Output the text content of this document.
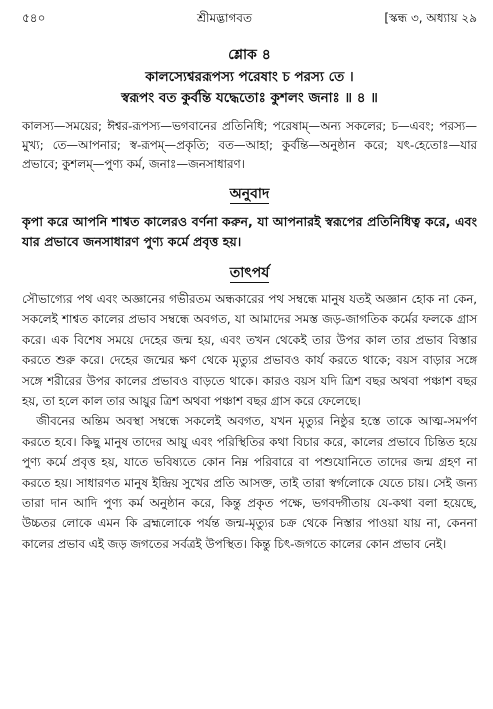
৫৪০	শ্রীমদ্ভাগবত	[স্কন্ধ ৩, অধ্যায় ২৯
শ্লোক ৪
কালস্যেশ্বররূপস্য পরেষাং চ পরস্য তে ।
স্বরূপং বত কুর্বন্তি যদ্ধেতোঃ কুশলং জনাঃ ॥ ৪ ॥
কালস্য—সময়ের; ঈশ্বর-রূপস্য—ভগবানের প্রতিনিধি; পরেষাম্—অন্য সকলের; চ—এবং; পরস্য—মুখ্য; তে—আপনার; স্ব-রূপম্—প্রকৃতি; বত—আহা; কুর্বন্তি—অনুষ্ঠান করে; যৎ-হেতোঃ—যার প্রভাবে; কুশলম্—পুণ্য কর্ম, জনাঃ—জনসাধারণ।
অনুবাদ
কৃপা করে আপনি শাশ্বত কালেরও বর্ণনা করুন, যা আপনারই স্বরূপের প্রতিনিধিত্ব করে, এবং যার প্রভাবে জনসাধারণ পুণ্য কর্মে প্রবৃত্ত হয়।
তাৎপর্য

সৌভাগ্যের পথ এবং অজ্ঞানের গভীরতম অন্ধকারের পথ সম্বন্ধে মানুষ যতই অজ্ঞান হোক না কেন, সকলেই শাশ্বত কালের প্রভাব সম্বন্ধে অবগত, যা আমাদের সমস্ত জড়-জাগতিক কর্মের ফলকে গ্রাস করে। এক বিশেষ সময়ে দেহের জন্ম হয়, এবং তখন থেকেই তার উপর কাল তার প্রভাব বিস্তার করতে শুরু করে। দেহের জন্মের ক্ষণ থেকে মৃত্যুর প্রভাবও কার্য করতে থাকে; বয়স বাড়ার সঙ্গে সঙ্গে শরীরের উপর কালের প্রভাবও বাড়তে থাকে। কারও বয়স যদি ত্রিশ বছর অথবা পঞ্চাশ বছর হয়, তা হলে কাল তার আয়ুর ত্রিশ অথবা পঞ্চাশ বছর গ্রাস করে ফেলেছে।

জীবনের অন্তিম অবস্থা সম্বন্ধে সকলেই অবগত, যখন মৃত্যুর নিষ্ঠুর হস্তে তাকে আত্ম-সমর্পণ করতে হবে। কিছু মানুষ তাদের আয়ু এবং পরিস্থিতির কথা বিচার করে, কালের প্রভাবে চিন্তিত হয়ে পুণ্য কর্মে প্রবৃত্ত হয়, যাতে ভবিষ্যতে কোন নিম্ন পরিবারে বা পশুযোনিতে তাদের জন্ম গ্রহণ না করতে হয়। সাধারণত মানুষ ইন্দ্রিয় সুখের প্রতি আসক্ত, তাই তারা স্বর্গলোকে যেতে চায়। সেই জন্য তারা দান আদি পুণ্য কর্ম অনুষ্ঠান করে, কিন্তু প্রকৃত পক্ষে, ভগবদ্গীতায় যে-কথা বলা হয়েছে, উচ্চতর লোকে এমন কি ব্রহ্মলোকে পর্যন্ত জন্ম-মৃত্যুর চক্র থেকে নিস্তার পাওয়া যায় না, কেননা কালের প্রভাব এই জড় জগতের সর্বত্রই উপস্থিত। কিন্তু চিৎ-জগতে কালের কোন প্রভাব নেই।
